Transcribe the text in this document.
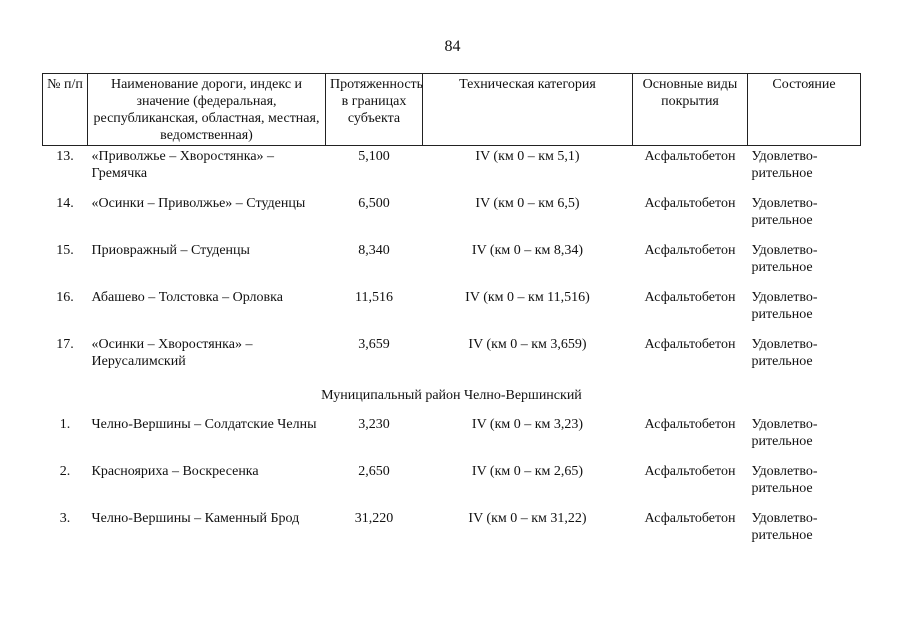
84
№ п/п	Наименование дороги, индекс и значение (федеральная, республиканская, областная, местная, ведомственная)	Протяженность в границах субъекта	Техническая категория	Основные виды покрытия	Состояние
13.	«Приволжье – Хворостянка» – Гремячка	5,100	IV (км 0 – км 5,1)	Асфальтобетон	Удовлетворительное
14.	«Осинки – Приволжье» – Студенцы	6,500	IV (км 0 – км 6,5)	Асфальтобетон	Удовлетворительное
15.	Приовражный – Студенцы	8,340	IV (км 0 – км 8,34)	Асфальтобетон	Удовлетворительное
16.	Абашево – Толстовка – Орловка	11,516	IV (км 0 – км 11,516)	Асфальтобетон	Удовлетворительное
17.	«Осинки – Хворостянка» – Иерусалимский	3,659	IV (км 0 – км 3,659)	Асфальтобетон	Удовлетворительное
Муниципальный район Челно-Вершинский					
1.	Челно-Вершины – Солдатские Челны	3,230	IV (км 0 – км 3,23)	Асфальтобетон	Удовлетворительное
2.	Краснояриха – Воскресенка	2,650	IV (км 0 – км 2,65)	Асфальтобетон	Удовлетворительное
3.	Челно-Вершины – Каменный Брод	31,220	IV (км 0 – км 31,22)	Асфальтобетон	Удовлетворительное
